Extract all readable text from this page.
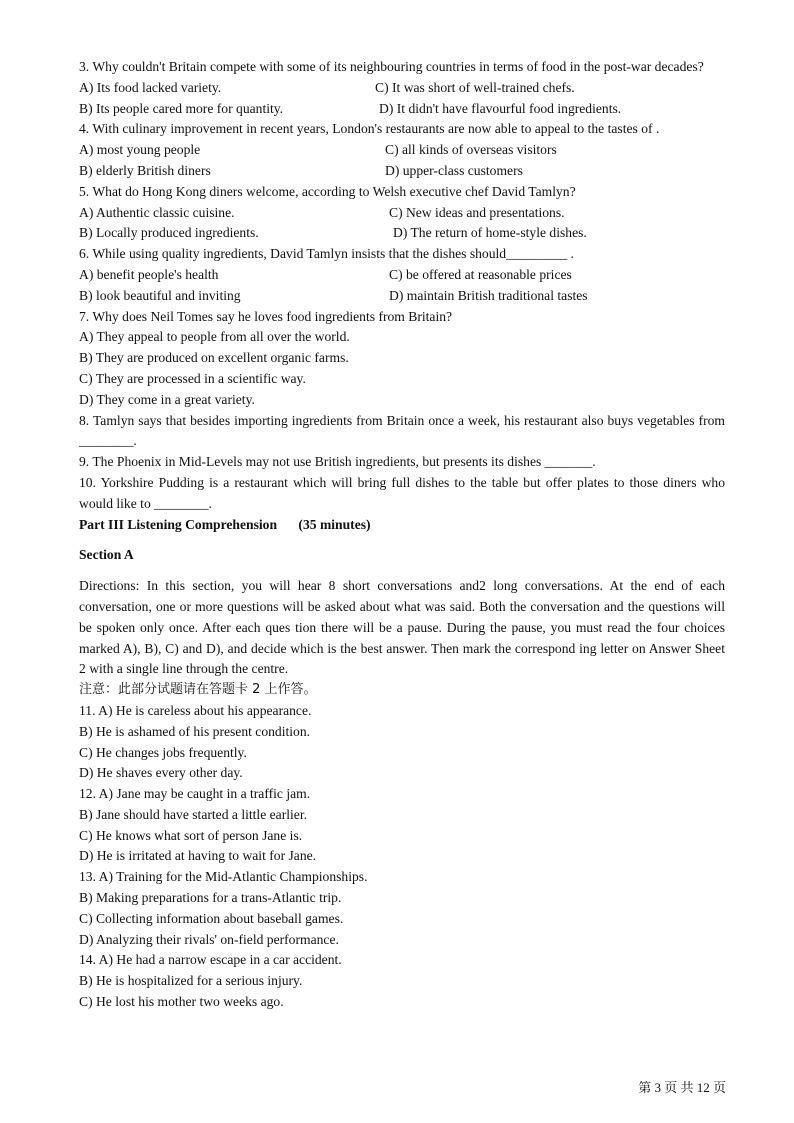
3. Why couldn't Britain compete with some of its neighbouring countries in terms of food in the post-war decades?
A) Its food lacked variety.	C) It was short of well-trained chefs.
B) Its people cared more for quantity.	D) It didn't have flavourful food ingredients.
4. With culinary improvement in recent years, London's restaurants are now able to appeal to the tastes of .
A) most young people	C) all kinds of overseas visitors
B) elderly British diners	D) upper-class customers
5. What do Hong Kong diners welcome, according to Welsh executive chef David Tamlyn?
A) Authentic classic cuisine.	C) New ideas and presentations.
B) Locally produced ingredients.	D) The return of home-style dishes.
6. While using quality ingredients, David Tamlyn insists that the dishes should_________ .
A) benefit people's health	C) be offered at reasonable prices
B) look beautiful and inviting	D) maintain British traditional tastes
7. Why does Neil Tomes say he loves food ingredients from Britain?
A) They appeal to people from all over the world.
B) They are produced on excellent organic farms.
C) They are processed in a scientific way.
D) They come in a great variety.
8. Tamlyn says that besides importing ingredients from Britain once a week, his restaurant also buys vegetables from ________.
9. The Phoenix in Mid-Levels may not use British ingredients, but presents its dishes _______.
10. Yorkshire Pudding is a restaurant which will bring full dishes to the table but offer plates to those diners who would like to ________.
Part III Listening Comprehension (35 minutes)
Section A
Directions: In this section, you will hear 8 short conversations and2 long conversations. At the end of each conversation, one or more questions will be asked about what was said. Both the conversation and the questions will be spoken only once. After each ques tion there will be a pause. During the pause, you must read the four choices marked A), B), C) and D), and decide which is the best answer. Then mark the correspond ing letter on Answer Sheet 2 with a single line through the centre.
注意：此部分试题请在答题卡 2 上作答。
11. A) He is careless about his appearance.
B) He is ashamed of his present condition.
C) He changes jobs frequently.
D) He shaves every other day.
12. A) Jane may be caught in a traffic jam.
B) Jane should have started a little earlier.
C) He knows what sort of person Jane is.
D) He is irritated at having to wait for Jane.
13. A) Training for the Mid-Atlantic Championships.
B) Making preparations for a trans-Atlantic trip.
C) Collecting information about baseball games.
D) Analyzing their rivals' on-field performance.
14. A) He had a narrow escape in a car accident.
B) He is hospitalized for a serious injury.
C) He lost his mother two weeks ago.
第 3 页 共 12 页
